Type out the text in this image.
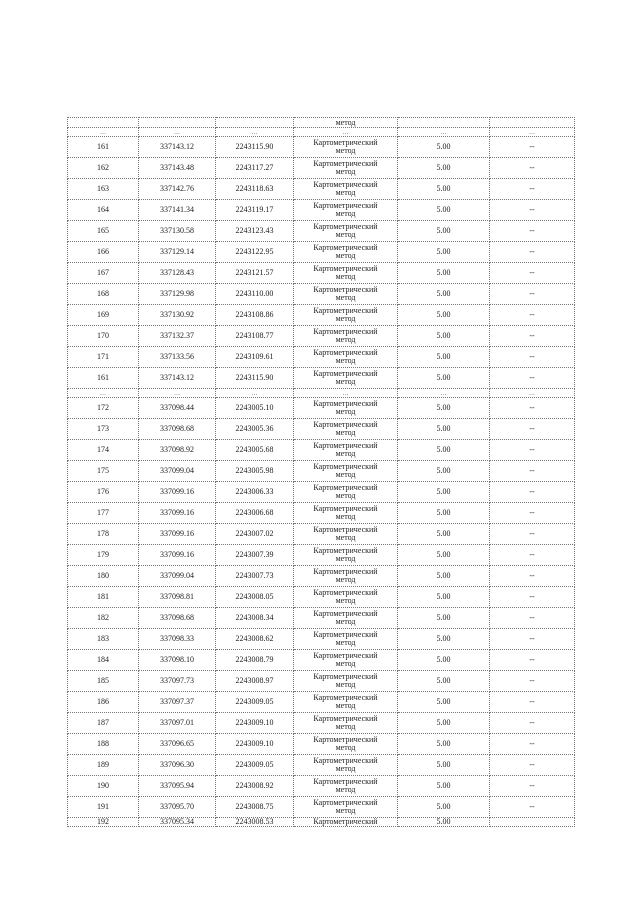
			метод		
...	...	...	...	...	...
161	337143.12	2243115.90	Картометрический
метод	5.00	--
162	337143.48	2243117.27	Картометрический
метод	5.00	--
163	337142.76	2243118.63	Картометрический
метод	5.00	--
164	337141.34	2243119.17	Картометрический
метод	5.00	--
165	337130.58	2243123.43	Картометрический
метод	5.00	--
166	337129.14	2243122.95	Картометрический
метод	5.00	--
167	337128.43	2243121.57	Картометрический
метод	5.00	--
168	337129.98	2243110.00	Картометрический
метод	5.00	--
169	337130.92	2243108.86	Картометрический
метод	5.00	--
170	337132.37	2243108.77	Картометрический
метод	5.00	--
171	337133.56	2243109.61	Картометрический
метод	5.00	--
161	337143.12	2243115.90	Картометрический
метод	5.00	--
...	...	...	...	...	...
172	337098.44	2243005.10	Картометрический
метод	5.00	--
173	337098.68	2243005.36	Картометрический
метод	5.00	--
174	337098.92	2243005.68	Картометрический
метод	5.00	--
175	337099.04	2243005.98	Картометрический
метод	5.00	--
176	337099.16	2243006.33	Картометрический
метод	5.00	--
177	337099.16	2243006.68	Картометрический
метод	5.00	--
178	337099.16	2243007.02	Картометрический
метод	5.00	--
179	337099.16	2243007.39	Картометрический
метод	5.00	--
180	337099.04	2243007.73	Картометрический
метод	5.00	--
181	337098.81	2243008.05	Картометрический
метод	5.00	--
182	337098.68	2243008.34	Картометрический
метод	5.00	--
183	337098.33	2243008.62	Картометрический
метод	5.00	--
184	337098.10	2243008.79	Картометрический
метод	5.00	--
185	337097.73	2243008.97	Картометрический
метод	5.00	--
186	337097.37	2243009.05	Картометрический
метод	5.00	--
187	337097.01	2243009.10	Картометрический
метод	5.00	--
188	337096.65	2243009.10	Картометрический
метод	5.00	--
189	337096.30	2243009.05	Картометрический
метод	5.00	--
190	337095.94	2243008.92	Картометрический
метод	5.00	--
191	337095.70	2243008.75	Картометрический
метод	5.00	--
192	337095.34	2243008.53	Картометрический	5.00	
